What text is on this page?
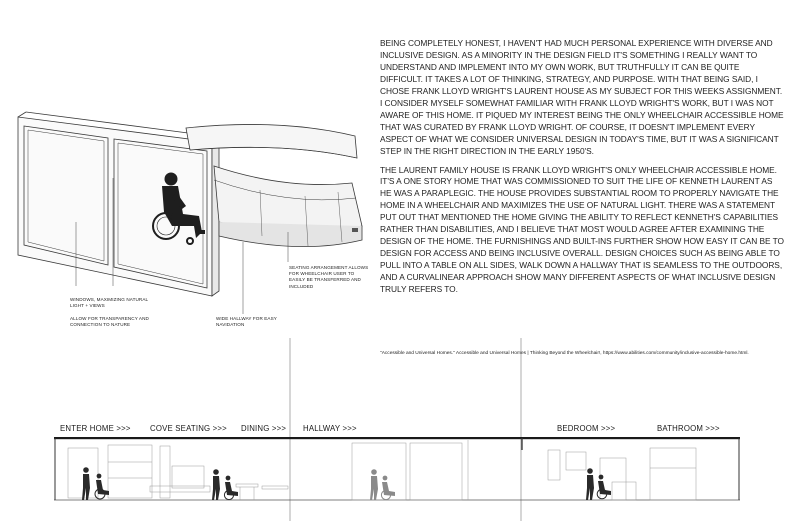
WINDOWS, MAXIMIZING NATURAL
LIGHT + VIEWS
ALLOW FOR TRANSPARENCY AND
CONNECTION TO NATURE
WIDE HALLWAY FOR EASY
NAVIDATION
SEATING ARRANGEMENT ALLOWS
FOR WHEELCHAIR USER TO
EASILY BE TRANSFERRED AND
INCLUDED

BEING COMPLETELY HONEST, I HAVEN'T HAD MUCH PERSONAL EXPERIENCE WITH DIVERSE AND INCLUSIVE DESIGN. AS A MINORITY IN THE DESIGN FIELD IT'S SOMETHING I REALLY WANT TO UNDERSTAND AND IMPLEMENT INTO MY OWN WORK, BUT TRUTHFULLY IT CAN BE QUITE DIFFICULT. IT TAKES A LOT OF THINKING, STRATEGY, AND PURPOSE. WITH THAT BEING SAID, I CHOSE FRANK LLOYD WRIGHT'S LAURENT HOUSE AS MY SUBJECT FOR THIS WEEKS ASSIGNMENT. I CONSIDER MYSELF SOMEWHAT FAMILIAR WITH FRANK LLOYD WRIGHT'S WORK, BUT I WAS NOT AWARE OF THIS HOME. IT PIQUED MY INTEREST BEING THE ONLY WHEELCHAIR ACCESSIBLE HOME THAT WAS CURATED BY FRANK LLOYD WRIGHT. OF COURSE, IT DOESN'T IMPLEMENT EVERY ASPECT OF WHAT WE CONSIDER UNIVERSAL DESIGN IN TODAY'S TIME, BUT IT WAS A SIGNIFICANT STEP IN THE RIGHT DIRECTION IN THE EARLY 1950'S.

THE LAURENT FAMILY HOUSE IS FRANK LLOYD WRIGHT'S ONLY WHEELCHAIR ACCESSIBLE HOME. IT'S A ONE STORY HOME THAT WAS COMMISSIONED TO SUIT THE LIFE OF KENNETH LAURENT AS HE WAS A PARAPLEGIC. THE HOUSE PROVIDES SUBSTANTIAL ROOM TO PROPERLY NAVIGATE THE HOME IN A WHEELCHAIR AND MAXIMIZES THE USE OF NATURAL LIGHT. THERE WAS A STATEMENT PUT OUT THAT MENTIONED THE HOME GIVING THE ABILITY TO REFLECT KENNETH'S CAPABILITIES RATHER THAN DISABILITIES, AND I BELIEVE THAT MOST WOULD AGREE AFTER EXAMINING THE DESIGN OF THE HOME. THE FURNISHINGS AND BUILT-INS FURTHER SHOW HOW EASY IT CAN BE TO DESIGN FOR ACCESS AND BEING INCLUSIVE OVERALL. DESIGN CHOICES SUCH AS BEING ABLE TO PULL INTO A TABLE ON ALL SIDES, WALK DOWN A HALLWAY THAT IS SEAMLESS TO THE OUTDOORS, AND A CURVALINEAR APPROACH SHOW MANY DIFFERENT ASPECTS OF WHAT INCLUSIVE DESIGN TRULY REFERS TO.

"Accessible and Universal Homes." Accessible and Universal Homes | Thinking Beyond the Wheelchair!, https://www.abilities.com/community/inclusive-accessible-home.html.
ENTER HOME >>> COVE SEATING >>> DINING >>> HALLWAY >>>	BEDROOM >>>	BATHROOM >>>
